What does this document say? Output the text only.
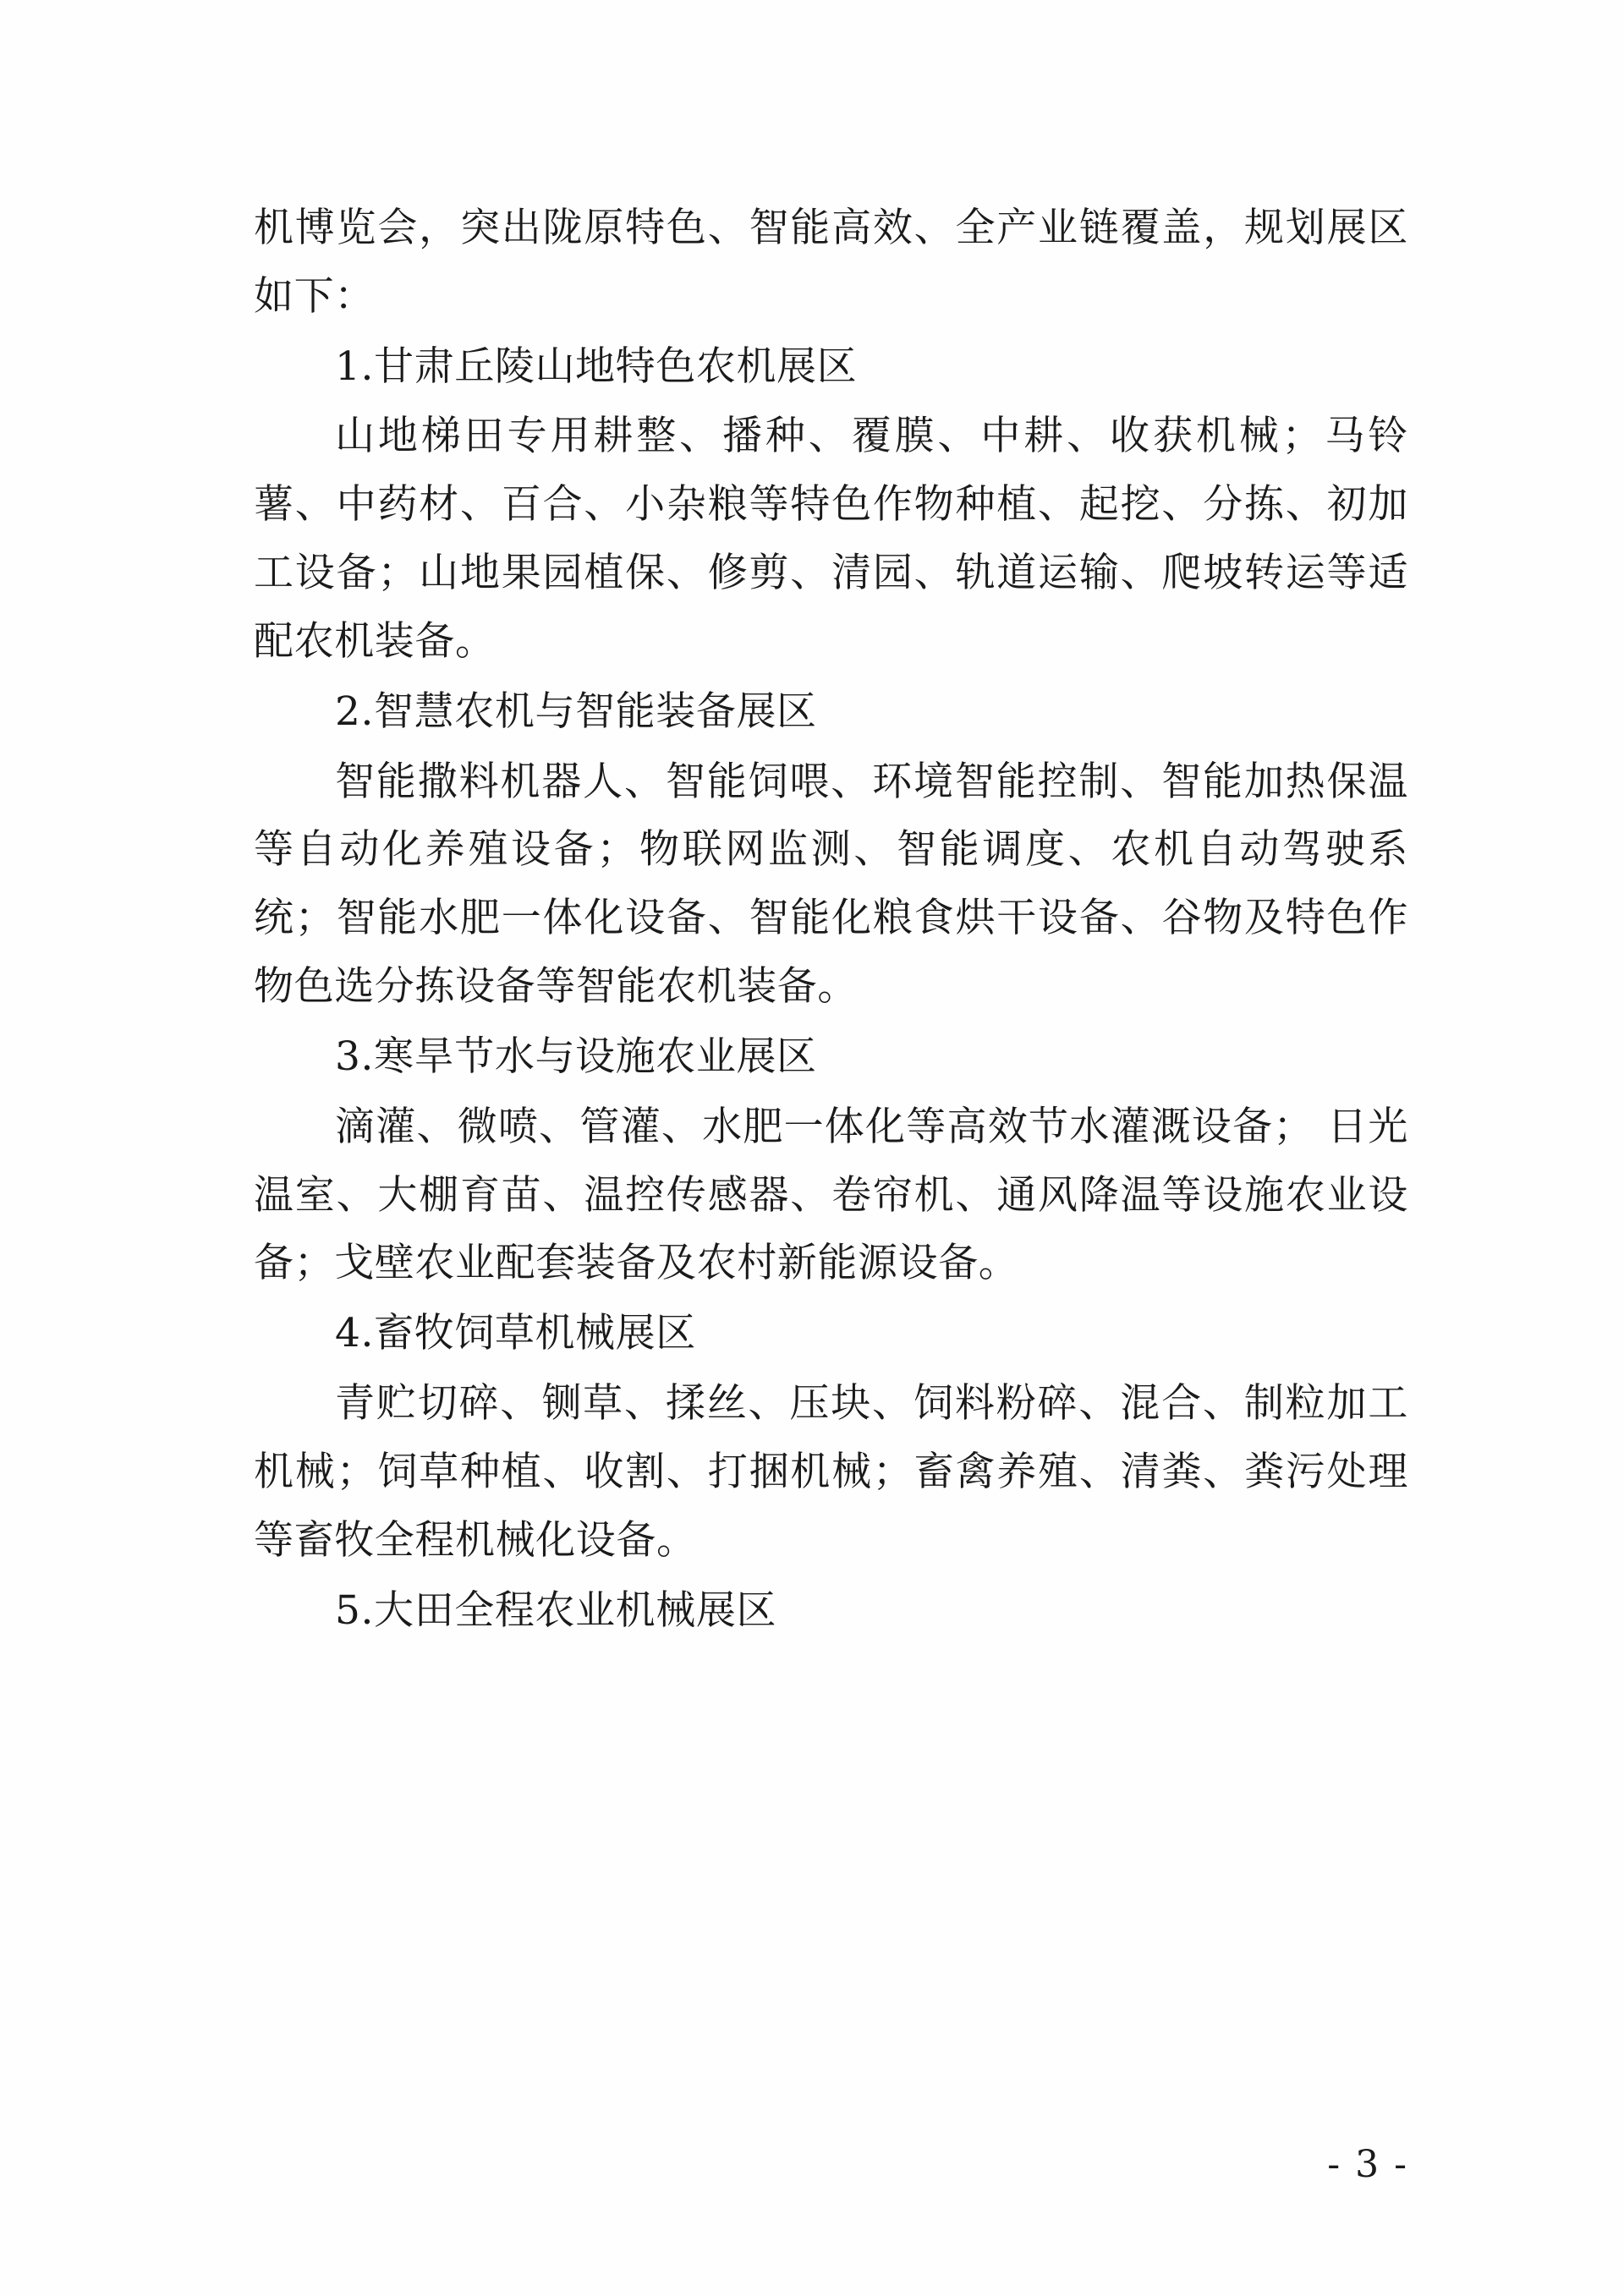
机博览会，突出陇原特色、智能高效、全产业链覆盖，规划展区如下：

1.甘肃丘陵山地特色农机展区

山地梯田专用耕整、播种、覆膜、中耕、收获机械；马铃薯、中药材、百合、小杂粮等特色作物种植、起挖、分拣、初加工设备；山地果园植保、修剪、清园、轨道运输、爬坡转运等适配农机装备。

2.智慧农机与智能装备展区

智能撒料机器人、智能饲喂、环境智能控制、智能加热保温等自动化养殖设备；物联网监测、智能调度、农机自动驾驶系统；智能水肥一体化设备、智能化粮食烘干设备、谷物及特色作物色选分拣设备等智能农机装备。

3.寒旱节水与设施农业展区

滴灌、微喷、管灌、水肥一体化等高效节水灌溉设备； 日光温室、大棚育苗、温控传感器、卷帘机、通风降温等设施农业设备；戈壁农业配套装备及农村新能源设备。

4.畜牧饲草机械展区

青贮切碎、铡草、揉丝、压块、饲料粉碎、混合、制粒加工机械；饲草种植、收割、打捆机械；畜禽养殖、清粪、粪污处理等畜牧全程机械化设备。

5.大田全程农业机械展区

- 3 -
